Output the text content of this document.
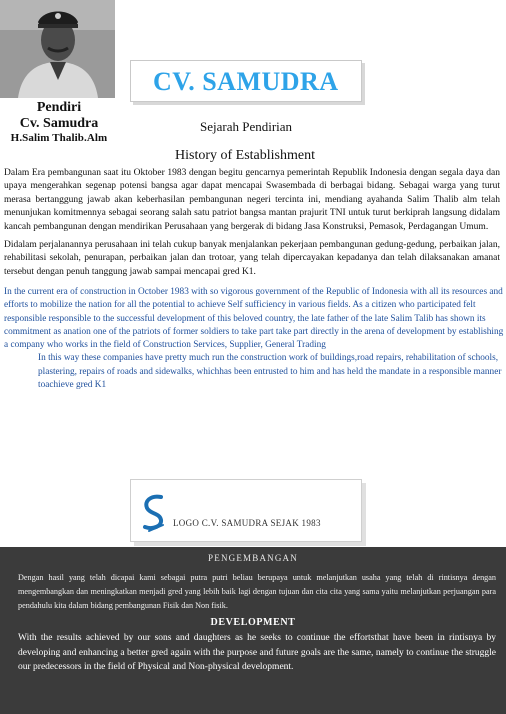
Pendiri
Cv. Samudra
H.Salim Thalib.Alm
CV. SAMUDRA
Sejarah Pendirian
History of Establishment
Dalam Era pembangunan saat itu Oktober 1983 dengan begitu gencarnya pemerintah Republik Indonesia dengan segala daya dan upaya mengerahkan segenap potensi bangsa agar dapat mencapai Swasembada di berbagai bidang. Sebagai warga yang turut merasa bertanggung jawab akan keberhasilan pembangunan negeri tercinta ini, mendiang ayahanda Salim Thalib alm telah menunjukan komitmennya sebagai seorang salah satu patriot bangsa mantan prajurit TNI untuk turut berkiprah langsung didalam kancah pembangunan dengan mendirikan Perusahaan yang bergerak di bidang Jasa Konstruksi, Pemasok, Perdagangan Umum.
Didalam perjalanannya perusahaan ini telah cukup banyak menjalankan pekerjaan pembangunan gedung-gedung, perbaikan jalan, rehabilitasi sekolah, penurapan, perbaikan jalan dan trotoar, yang telah dipercayakan kepadanya dan telah dilaksanakan amanat tersebut dengan penuh tanggung jawab sampai mencapai gred K1.
In the current era of construction in October 1983 with so vigorous government of the Republic of Indonesia with all its resources and efforts to mobilize the nation for all the potential to achieve Self sufficiency in various fields. As a citizen who participated felt responsible responsible to the successful development of this beloved country, the late father of the late Salim Talib has shown its commitment as anation one of the patriots of former soldiers to take part take part directly in the arena of development by establishing a company who works in the field of Construction Services, Supplier, General Trading
In this way these companies have pretty much run the construction work of buildings,road repairs, rehabilitation of schools, plastering, repairs of roads and sidewalks, whichhas been entrusted to him and has held the mandate in a responsible manner toachieve gred K1
LOGO C.V. SAMUDRA SEJAK 1983
PENGEMBANGAN
Dengan hasil yang telah dicapai kami sebagai putra putri beliau berupaya untuk melanjutkan usaha yang telah di rintisnya dengan mengembangkan dan meningkatkan menjadi gred yang lebih baik lagi dengan tujuan dan cita cita yang sama yaitu melanjutkan perjuangan para pendahulu kita dalam bidang pembangunan Fisik dan Non fisik.
DEVELOPMENT
With the results achieved by our sons and daughters as he seeks to continue the effortsthat have been in rintisnya by developing and enhancing a better gred again with the purpose and future goals are the same, namely to continue the struggle our predecessors in the field of Physical and Non-physical development.
